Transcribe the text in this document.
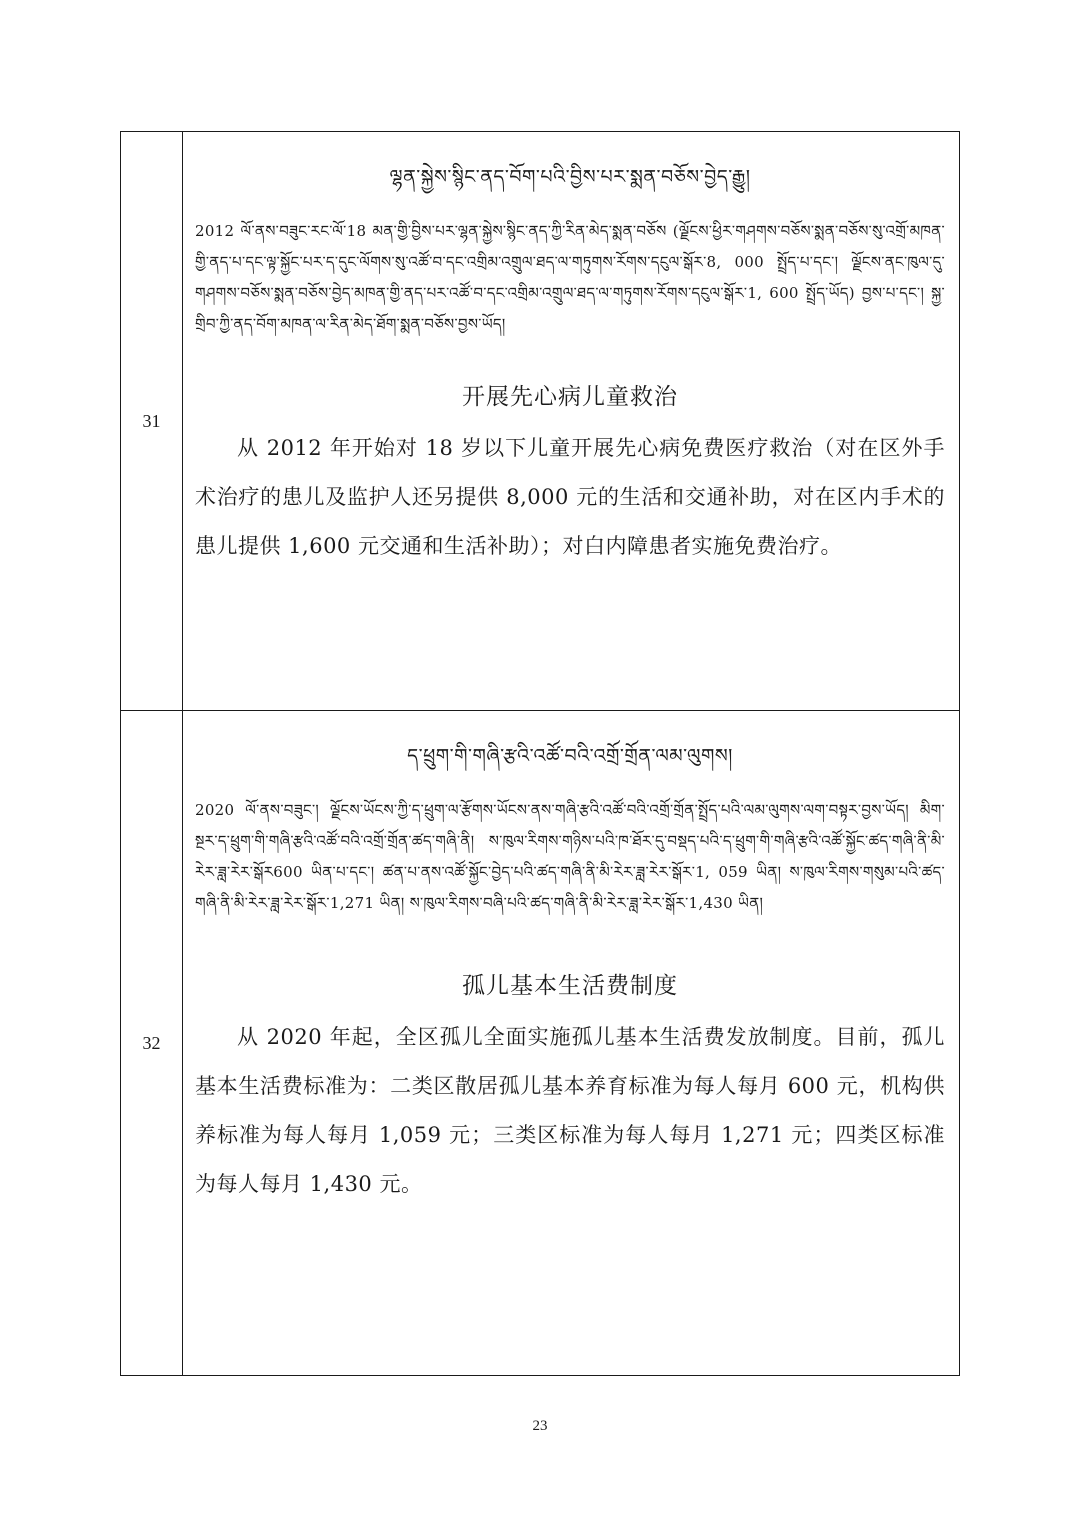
31	ལྷན་སྐྱེས་སྙིང་ནད་བོག་པའི་བྱིས་པར་སྨན་བཅོས་བྱེད་རྒྱུ།
2012 ལོ་ནས་བཟུང་རང་ལོ་18 མན་གྱི་བྱིས་པར་ལྷན་སྐྱེས་སྙིང་ནད་ཀྱི་རིན་མེད་སྨན་བཅོས (ལྗོངས་ཕྱིར་གཤགས་བཅོས་སྨན་བཅོས་སུ་འགྲོ་མཁན་གྱི་ནད་པ་དང་ལྟ་སྐྱོང་པར་ད་དུང་ལོགས་སུ་འཚོ་བ་དང་འགྲིམ་འགྲུལ་ཐད་ལ་གཏུགས་རོགས་དངུལ་སྒོར་8, 000 སྤྲོད་པ་དང་། ལྗོངས་ནང་ཁུལ་དུ་གཤགས་བཅོས་སྨན་བཅོས་བྱེད་མཁན་གྱི་ནད་པར་འཚོ་བ་དང་འགྲིམ་འགྲུལ་ཐད་ལ་གཏུགས་རོགས་དངུལ་སྒོར་1, 600 སྤྲོད་ཡོད) བྱས་པ་དང་། སྐྱ་གྲིབ་ཀྱི་ནད་བོག་མཁན་ལ་རིན་མེད་ཐོག་སྨན་བཅོས་བྱས་ཡོད།
开展先心病儿童救治
从 2012 年开始对 18 岁以下儿童开展先心病免费医疗救治（对在区外手术治疗的患儿及监护人还另提供 8,000 元的生活和交通补助，对在区内手术的患儿提供 1,600 元交通和生活补助）；对白内障患者实施免费治疗。

32	ད་ཕྲུག་གི་གཞི་རྩའི་འཚོ་བའི་འགྲོ་གྲོན་ལམ་ལུགས།
2020 ལོ་ནས་བཟུང་། ལྗོངས་ཡོངས་ཀྱི་ད་ཕྲུག་ལ་རྩོགས་ཡོངས་ནས་གཞི་རྩའི་འཚོ་བའི་འགྲོ་གྲོན་སྤྲོད་པའི་ལམ་ལུགས་ལག་བསྟར་བྱས་ཡོད། མིག་སྔར་ད་ཕྲུག་གི་གཞི་རྩའི་འཚོ་བའི་འགྲོ་གྲོན་ཚད་གཞི་ནི། ས་ཁུལ་རིགས་གཉིས་པའི་ཁ་ཐོར་དུ་བསྡད་པའི་ད་ཕྲུག་གི་གཞི་རྩའི་འཚོ་སྐྱོང་ཚད་གཞི་ནི་མི་རེར་ཟླ་རེར་སྒོར600 ཡིན་པ་དང་། ཚན་པ་ནས་འཚོ་སྐྱོང་བྱེད་པའི་ཚད་གཞི་ནི་མི་རེར་ཟླ་རེར་སྒོར་1, 059 ཡིན། ས་ཁུལ་རིགས་གསུམ་པའི་ཚད་གཞི་ནི་མི་རེར་ཟླ་རེར་སྒོར་1,271 ཡིན། ས་ཁུལ་རིགས་བཞི་པའི་ཚད་གཞི་ནི་མི་རེར་ཟླ་རེར་སྒོར་1,430 ཡིན།
孤儿基本生活费制度
从 2020 年起，全区孤儿全面实施孤儿基本生活费发放制度。目前，孤儿基本生活费标准为：二类区散居孤儿基本养育标准为每人每月 600 元，机构供养标准为每人每月 1,059 元；三类区标准为每人每月 1,271 元；四类区标准为每人每月 1,430 元。
23
